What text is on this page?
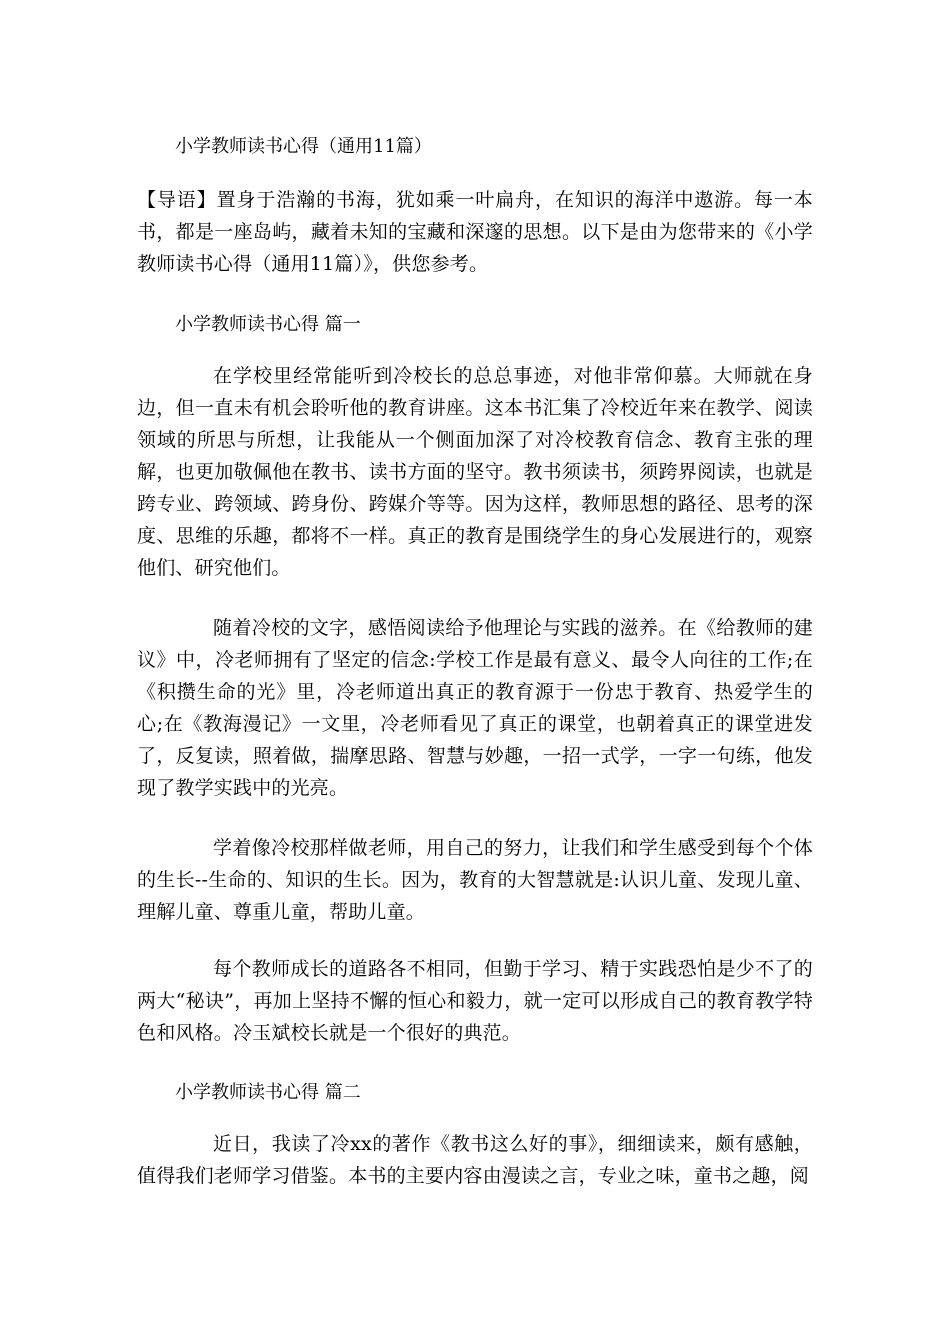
小学教师读书心得（通用11篇）

【导语】置身于浩瀚的书海，犹如乘一叶扁舟，在知识的海洋中遨游。每一本书，都是一座岛屿，藏着未知的宝藏和深邃的思想。以下是由为您带来的《小学教师读书心得（通用11篇）》，供您参考。

小学教师读书心得 篇一

在学校里经常能听到冷校长的总总事迹，对他非常仰慕。大师就在身边，但一直未有机会聆听他的教育讲座。这本书汇集了冷校近年来在教学、阅读领域的所思与所想，让我能从一个侧面加深了对冷校教育信念、教育主张的理解，也更加敬佩他在教书、读书方面的坚守。教书须读书，须跨界阅读，也就是跨专业、跨领域、跨身份、跨媒介等等。因为这样，教师思想的路径、思考的深度、思维的乐趣，都将不一样。真正的教育是围绕学生的身心发展进行的，观察他们、研究他们。

随着冷校的文字，感悟阅读给予他理论与实践的滋养。在《给教师的建议》中，冷老师拥有了坚定的信念:学校工作是最有意义、最令人向往的工作;在《积攒生命的光》里，冷老师道出真正的教育源于一份忠于教育、热爱学生的心;在《教海漫记》一文里，冷老师看见了真正的课堂，也朝着真正的课堂进发了，反复读，照着做，揣摩思路、智慧与妙趣，一招一式学，一字一句练，他发现了教学实践中的光亮。

学着像冷校那样做老师，用自己的努力，让我们和学生感受到每个个体的生长--生命的、知识的生长。因为，教育的大智慧就是:认识儿童、发现儿童、理解儿童、尊重儿童，帮助儿童。

每个教师成长的道路各不相同，但勤于学习、精于实践恐怕是少不了的两大“秘诀”，再加上坚持不懈的恒心和毅力，就一定可以形成自己的教育教学特色和风格。冷玉斌校长就是一个很好的典范。

小学教师读书心得 篇二

近日，我读了冷xx的著作《教书这么好的事》，细细读来，颇有感触，值得我们老师学习借鉴。本书的主要内容由漫读之言，专业之味，童书之趣，阅
